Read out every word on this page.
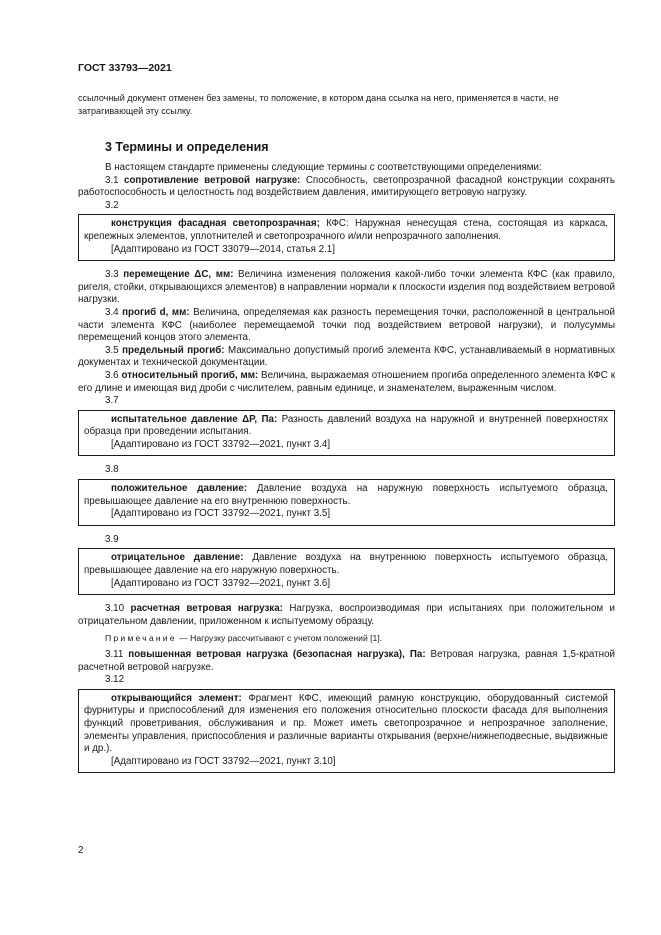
ГОСТ 33793—2021

ссылочный документ отменен без замены, то положение, в котором дана ссылка на него, применяется в части, не затрагивающей эту ссылку.

3 Термины и определения

В настоящем стандарте применены следующие термины с соответствующими определениями:

3.1 сопротивление ветровой нагрузке: Способность, светопрозрачной фасадной конструкции сохранять работоспособность и целостность под воздействием давления, имитирующего ветровую нагрузку.

3.2

конструкция фасадная светопрозрачная; КФС: Наружная ненесущая стена, состоящая из каркаса, крепежных элементов, уплотнителей и светопрозрачного и/или непрозрачного заполнения.

[Адаптировано из ГОСТ 33079—2014, статья 2.1]

3.3 перемещение ΔC, мм: Величина изменения положения какой-либо точки элемента КФС (как правило, ригеля, стойки, открывающихся элементов) в направлении нормали к плоскости изделия под воздействием ветровой нагрузки.

3.4 прогиб d, мм: Величина, определяемая как разность перемещения точки, расположенной в центральной части элемента КФС (наиболее перемещаемой точки под воздействием ветровой нагрузки), и полусуммы перемещений концов этого элемента.

3.5 предельный прогиб: Максимально допустимый прогиб элемента КФС, устанавливаемый в нормативных документах и технической документации.

3.6 относительный прогиб, мм: Величина, выражаемая отношением прогиба определенного элемента КФС к его длине и имеющая вид дроби с числителем, равным единице, и знаменателем, выраженным числом.

3.7

испытательное давление ΔP, Па: Разность давлений воздуха на наружной и внутренней поверхностях образца при проведении испытания.

[Адаптировано из ГОСТ 33792—2021, пункт 3.4]

3.8

положительное давление: Давление воздуха на наружную поверхность испытуемого образца, превышающее давление на его внутреннюю поверхность.

[Адаптировано из ГОСТ 33792—2021, пункт 3.5]

3.9

отрицательное давление: Давление воздуха на внутреннюю поверхность испытуемого образца, превышающее давление на его наружную поверхность.

[Адаптировано из ГОСТ 33792—2021, пункт 3.6]

3.10 расчетная ветровая нагрузка: Нагрузка, воспроизводимая при испытаниях при положительном и отрицательном давлении, приложенном к испытуемому образцу.

Примечание — Нагрузку рассчитывают с учетом положений [1].

3.11 повышенная ветровая нагрузка (безопасная нагрузка), Па: Ветровая нагрузка, равная 1,5-кратной расчетной ветровой нагрузке.

3.12

открывающийся элемент: Фрагмент КФС, имеющий рамную конструкцию, оборудованный системой фурнитуры и приспособлений для изменения его положения относительно плоскости фасада для выполнения функций проветривания, обслуживания и пр. Может иметь светопрозрачное и непрозрачное заполнение, элементы управления, приспособления и различные варианты открывания (верхне/нижнеподвесные, выдвижные и др.).

[Адаптировано из ГОСТ 33792—2021, пункт 3.10]

2
